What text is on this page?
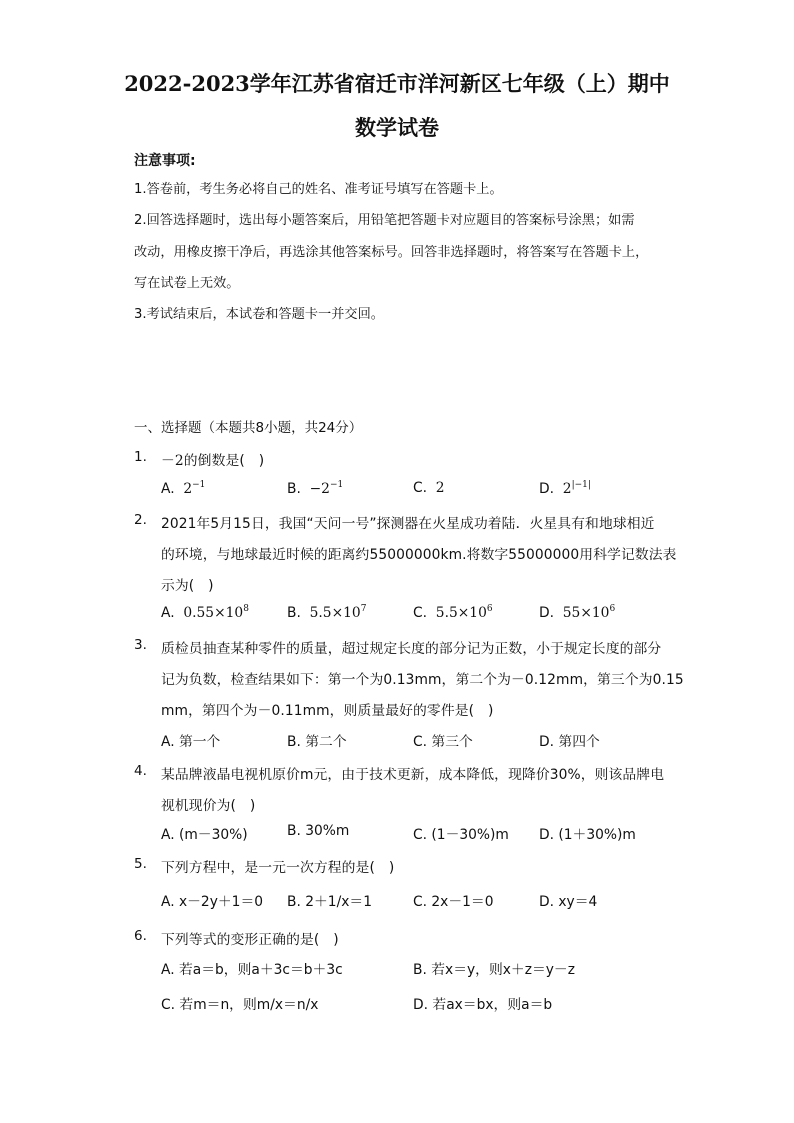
2022-2023学年江苏省宿迁市洋河新区七年级（上）期中
数学试卷
注意事项:
1.答卷前，考生务必将自己的姓名、准考证号填写在答题卡上。
2.回答选择题时，选出每小题答案后，用铅笔把答题卡对应题目的答案标号涂黑；如需
改动，用橡皮擦干净后，再选涂其他答案标号。回答非选择题时，将答案写在答题卡上，
写在试卷上无效。
3.考试结束后，本试卷和答题卡一并交回。
一、选择题（本题共8小题，共24分）
1. －2的倒数是(　)
A.  $2^{-1}$	B.  $-2^{-1}$	C.  2	D.  $2^{|-1|}$
2. 2021年5月15日，我国“天问一号”探测器在火星成功着陆．火星具有和地球相近
的环境，与地球最近时候的距离约55000000km.将数字55000000用科学记数法表
示为(　)
A.  $0.55\times 10^8$	B.  $5.5\times 10^7$	C.  $5.5\times 10^6$	D.  $55\times 10^6$
3. 质检员抽查某种零件的质量，超过规定长度的部分记为正数，小于规定长度的部分
记为负数，检查结果如下：第一个为0.13mm，第二个为－0.12mm，第三个为0.15
mm，第四个为－0.11mm，则质量最好的零件是(　)
A. 第一个	B. 第二个	C. 第三个	D. 第四个
4. 某品牌液晶电视机原价m元，由于技术更新，成本降低，现降价30%，则该品牌电
视机现价为(　)
A. (m－30%)	B. 30%m	C. (1－30%)m D. (1＋30%)m
5. 下列方程中，是一元一次方程的是(　)
A. x－2y＋1＝0 B. 2＋1/x＝1	C. 2x－1＝0	D. xy＝4
6. 下列等式的变形正确的是(　)
A. 若a＝b，则a＋3c＝b＋3c	B. 若x＝y，则x＋z＝y－z
C. 若m＝n，则m/x＝n/x	D. 若ax＝bx，则a＝b
